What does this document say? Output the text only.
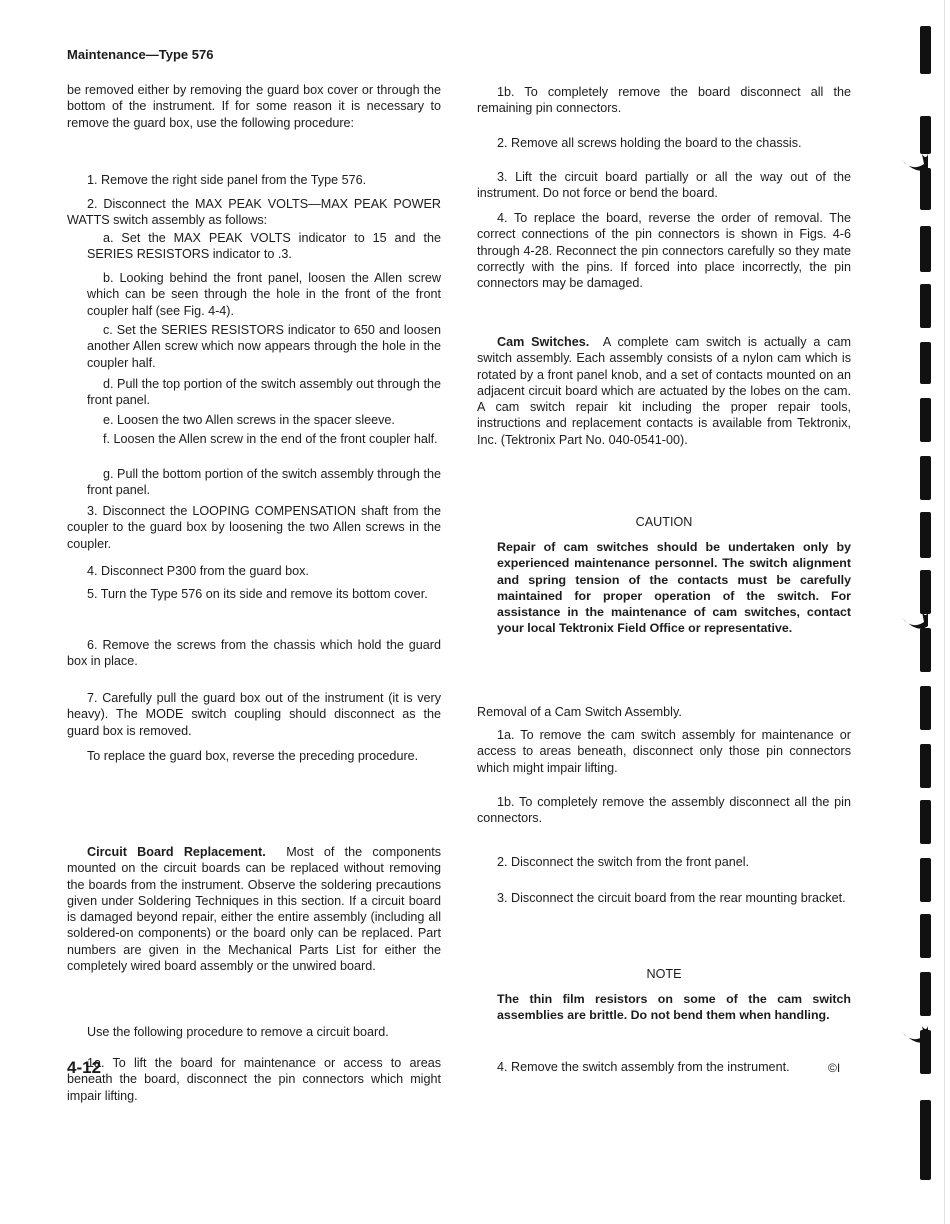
Maintenance—Type 576

be removed either by removing the guard box cover or through the bottom of the instrument. If for some reason it is necessary to remove the guard box, use the following procedure:

1. Remove the right side panel from the Type 576.

2. Disconnect the MAX PEAK VOLTS—MAX PEAK POWER WATTS switch assembly as follows:

a. Set the MAX PEAK VOLTS indicator to 15 and the SERIES RESISTORS indicator to .3.

b. Looking behind the front panel, loosen the Allen screw which can be seen through the hole in the front of the front coupler half (see Fig. 4-4).

c. Set the SERIES RESISTORS indicator to 650 and loosen another Allen screw which now appears through the hole in the coupler half.

d. Pull the top portion of the switch assembly out through the front panel.

e. Loosen the two Allen screws in the spacer sleeve.

f. Loosen the Allen screw in the end of the front coupler half.

g. Pull the bottom portion of the switch assembly through the front panel.

3. Disconnect the LOOPING COMPENSATION shaft from the coupler to the guard box by loosening the two Allen screws in the coupler.

4. Disconnect P300 from the guard box.

5. Turn the Type 576 on its side and remove its bottom cover.

6. Remove the screws from the chassis which hold the guard box in place.

7. Carefully pull the guard box out of the instrument (it is very heavy). The MODE switch coupling should disconnect as the guard box is removed.

To replace the guard box, reverse the preceding procedure.

Circuit Board Replacement. Most of the components mounted on the circuit boards can be replaced without removing the boards from the instrument. Observe the soldering precautions given under Soldering Techniques in this section. If a circuit board is damaged beyond repair, either the entire assembly (including all soldered-on components) or the board only can be replaced. Part numbers are given in the Mechanical Parts List for either the completely wired board assembly or the unwired board.

Use the following procedure to remove a circuit board.

1a. To lift the board for maintenance or access to areas beneath the board, disconnect the pin connectors which might impair lifting.

1b. To completely remove the board disconnect all the remaining pin connectors.

2. Remove all screws holding the board to the chassis.

3. Lift the circuit board partially or all the way out of the instrument. Do not force or bend the board.

4. To replace the board, reverse the order of removal. The correct connections of the pin connectors is shown in Figs. 4-6 through 4-28. Reconnect the pin connectors carefully so they mate correctly with the pins. If forced into place incorrectly, the pin connectors may be damaged.

Cam Switches. A complete cam switch is actually a cam switch assembly. Each assembly consists of a nylon cam which is rotated by a front panel knob, and a set of contacts mounted on an adjacent circuit board which are actuated by the lobes on the cam. A cam switch repair kit including the proper repair tools, instructions and replacement contacts is available from Tektronix, Inc. (Tektronix Part No. 040-0541-00).

CAUTION

Repair of cam switches should be undertaken only by experienced maintenance personnel. The switch alignment and spring tension of the contacts must be carefully maintained for proper operation of the switch. For assistance in the maintenance of cam switches, contact your local Tektronix Field Office or representative.

Removal of a Cam Switch Assembly.

1a. To remove the cam switch assembly for maintenance or access to areas beneath, disconnect only those pin connectors which might impair lifting.

1b. To completely remove the assembly disconnect all the pin connectors.

2. Disconnect the switch from the front panel.

3. Disconnect the circuit board from the rear mounting bracket.

NOTE

The thin film resistors on some of the cam switch assemblies are brittle. Do not bend them when handling.

4. Remove the switch assembly from the instrument.

4-12	©I
